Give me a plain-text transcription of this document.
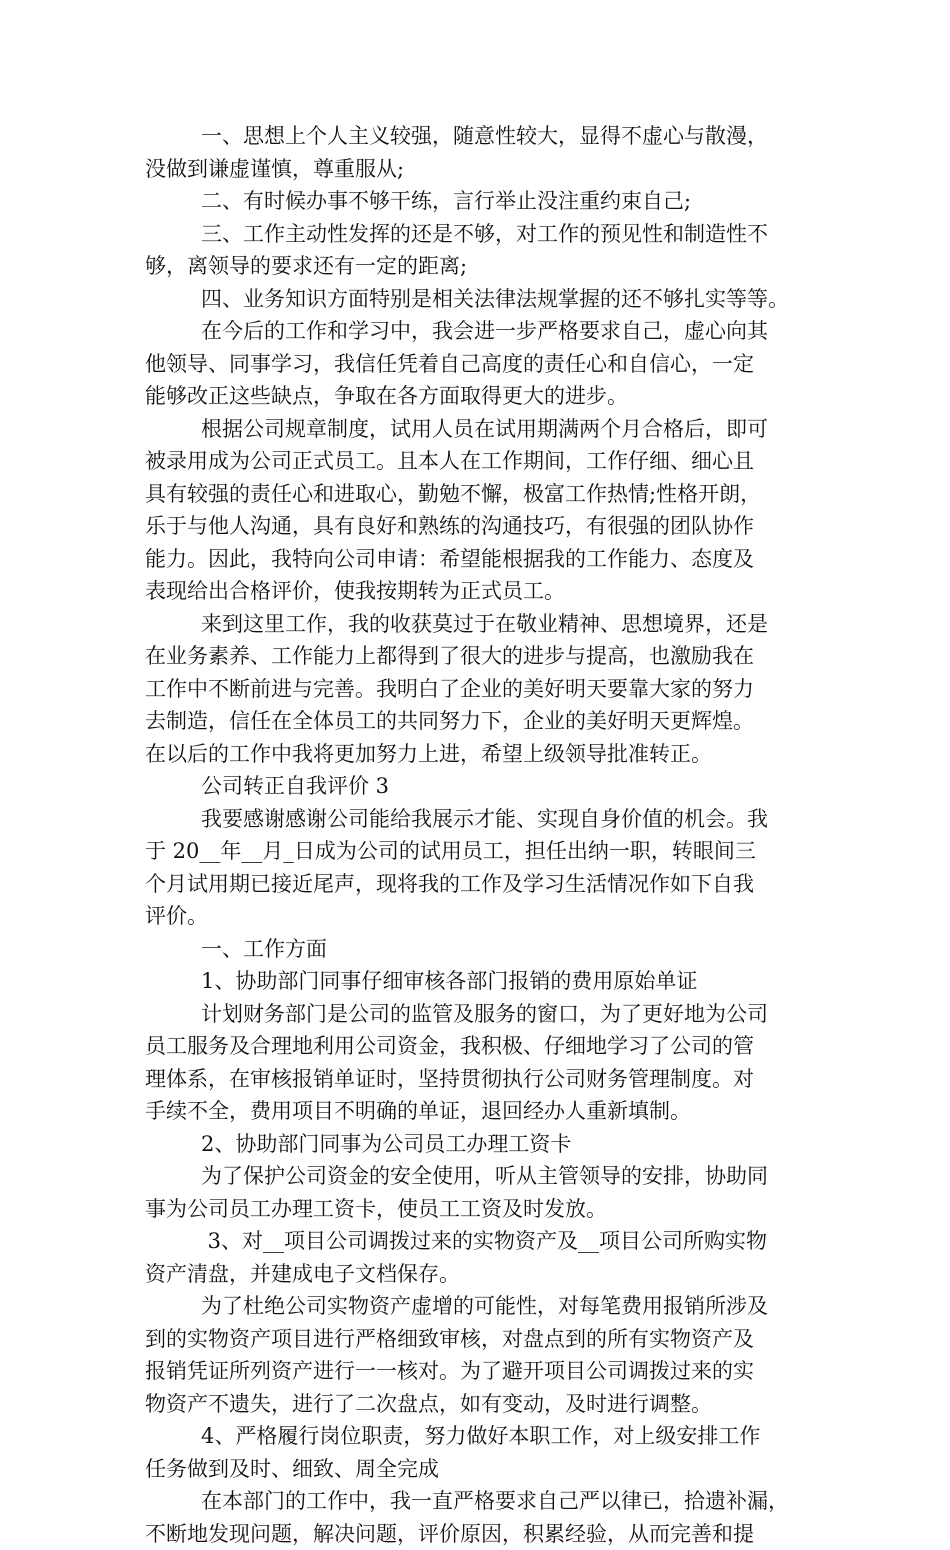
一、思想上个人主义较强，随意性较大，显得不虚心与散漫，
没做到谦虚谨慎，尊重服从;
二、有时候办事不够干练，言行举止没注重约束自己;
三、工作主动性发挥的还是不够，对工作的预见性和制造性不
够，离领导的要求还有一定的距离;
四、业务知识方面特别是相关法律法规掌握的还不够扎实等等。
在今后的工作和学习中，我会进一步严格要求自己，虚心向其
他领导、同事学习，我信任凭着自己高度的责任心和自信心，一定
能够改正这些缺点，争取在各方面取得更大的进步。
根据公司规章制度，试用人员在试用期满两个月合格后，即可
被录用成为公司正式员工。且本人在工作期间，工作仔细、细心且
具有较强的责任心和进取心，勤勉不懈，极富工作热情;性格开朗，
乐于与他人沟通，具有良好和熟练的沟通技巧，有很强的团队协作
能力。因此，我特向公司申请：希望能根据我的工作能力、态度及
表现给出合格评价，使我按期转为正式员工。
来到这里工作，我的收获莫过于在敬业精神、思想境界，还是
在业务素养、工作能力上都得到了很大的进步与提高，也激励我在
工作中不断前进与完善。我明白了企业的美好明天要靠大家的努力
去制造，信任在全体员工的共同努力下，企业的美好明天更辉煌。
在以后的工作中我将更加努力上进，希望上级领导批准转正。
公司转正自我评价 3
我要感谢感谢公司能给我展示才能、实现自身价值的机会。我
于 20__年__月_日成为公司的试用员工，担任出纳一职，转眼间三
个月试用期已接近尾声，现将我的工作及学习生活情况作如下自我
评价。
一、工作方面
1、协助部门同事仔细审核各部门报销的费用原始单证
计划财务部门是公司的监管及服务的窗口，为了更好地为公司
员工服务及合理地利用公司资金，我积极、仔细地学习了公司的管
理体系，在审核报销单证时，坚持贯彻执行公司财务管理制度。对
手续不全，费用项目不明确的单证，退回经办人重新填制。
2、协助部门同事为公司员工办理工资卡
为了保护公司资金的安全使用，听从主管领导的安排，协助同
事为公司员工办理工资卡，使员工工资及时发放。
3、对__项目公司调拨过来的实物资产及__项目公司所购实物
资产清盘，并建成电子文档保存。
为了杜绝公司实物资产虚增的可能性，对每笔费用报销所涉及
到的实物资产项目进行严格细致审核，对盘点到的所有实物资产及
报销凭证所列资产进行一一核对。为了避开项目公司调拨过来的实
物资产不遗失，进行了二次盘点，如有变动，及时进行调整。
4、严格履行岗位职责，努力做好本职工作，对上级安排工作
任务做到及时、细致、周全完成
在本部门的工作中，我一直严格要求自己严以律已，拾遗补漏，
不断地发现问题，解决问题，评价原因，积累经验，从而完善和提
